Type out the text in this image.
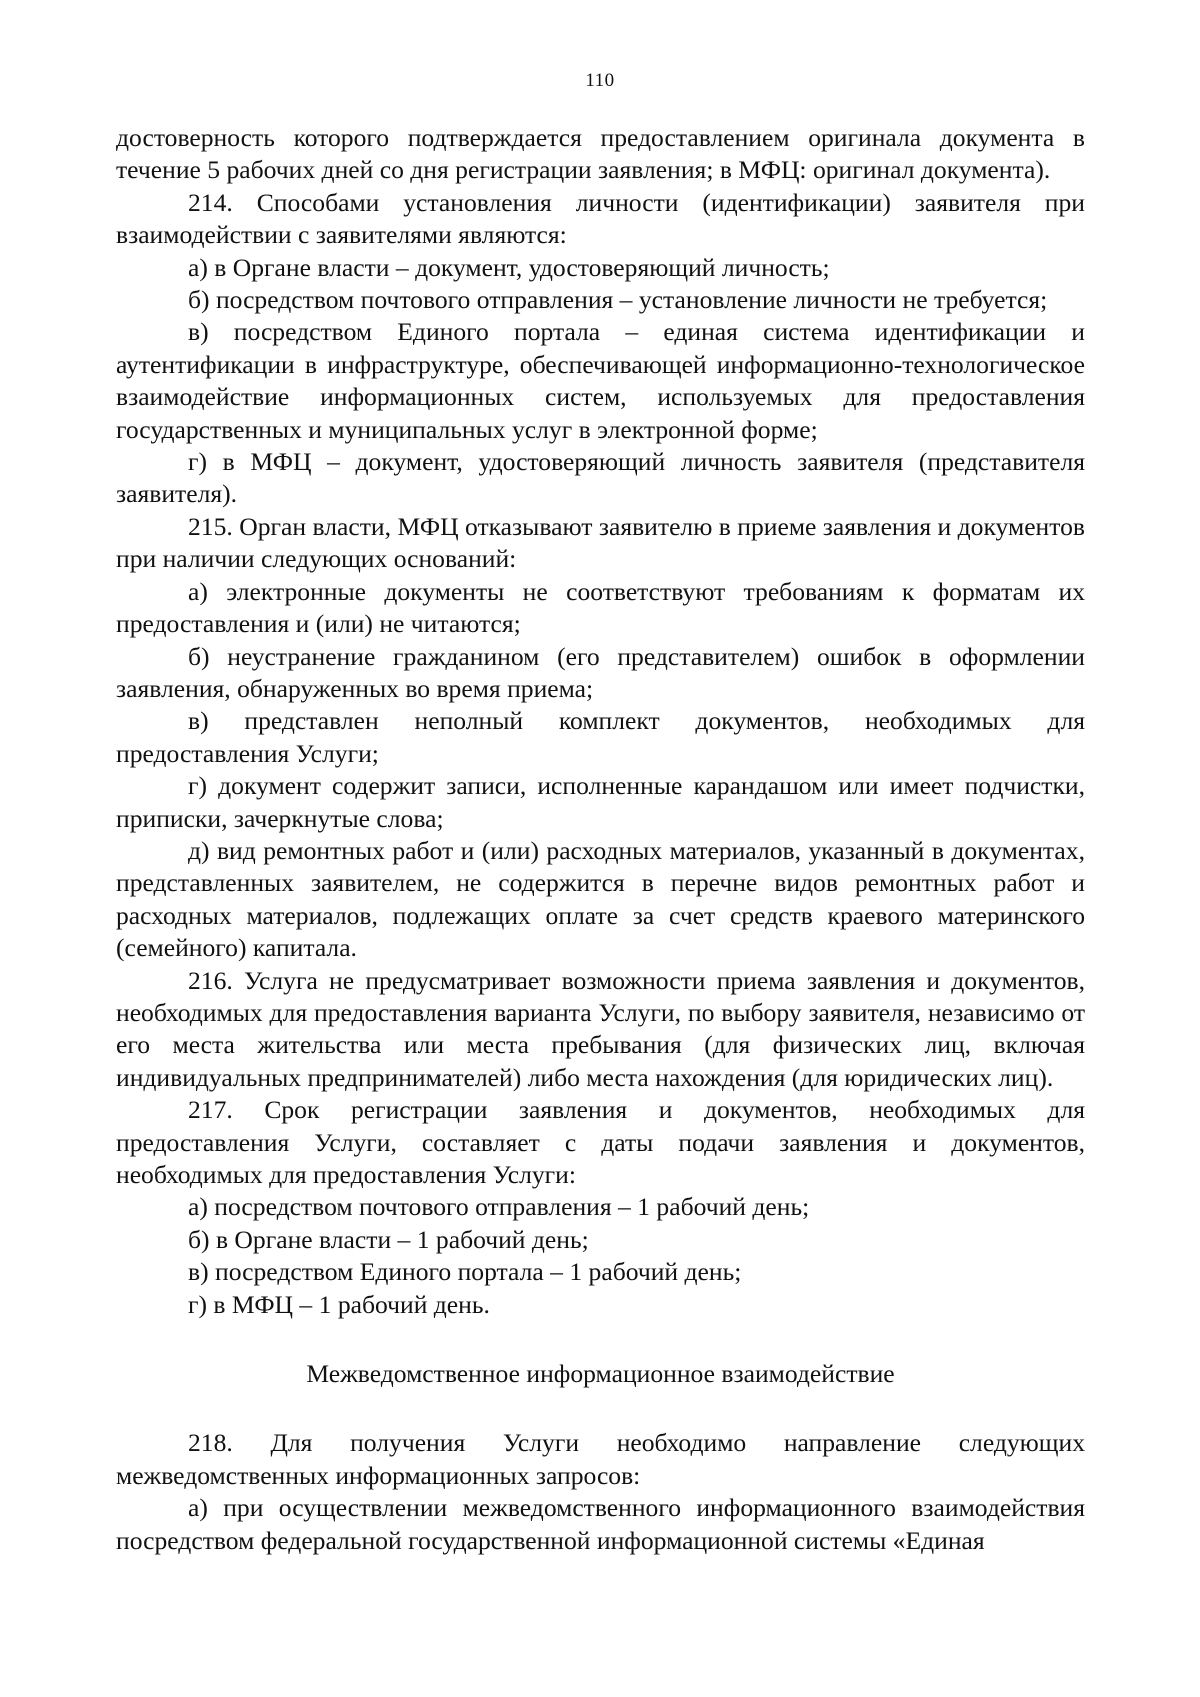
110

достоверность которого подтверждается предоставлением оригинала документа в течение 5 рабочих дней со дня регистрации заявления; в МФЦ: оригинал документа).

214. Способами установления личности (идентификации) заявителя при взаимодействии с заявителями являются:

а) в Органе власти – документ, удостоверяющий личность;

б) посредством почтового отправления – установление личности не требуется;

в) посредством Единого портала – единая система идентификации и аутентификации в инфраструктуре, обеспечивающей информационно-технологическое взаимодействие информационных систем, используемых для предоставления государственных и муниципальных услуг в электронной форме;

г) в МФЦ – документ, удостоверяющий личность заявителя (представителя заявителя).

215. Орган власти, МФЦ отказывают заявителю в приеме заявления и документов при наличии следующих оснований:

а) электронные документы не соответствуют требованиям к форматам их предоставления и (или) не читаются;

б) неустранение гражданином (его представителем) ошибок в оформлении заявления, обнаруженных во время приема;

в) представлен неполный комплект документов, необходимых для предоставления Услуги;

г) документ содержит записи, исполненные карандашом или имеет подчистки, приписки, зачеркнутые слова;

д) вид ремонтных работ и (или) расходных материалов, указанный в документах, представленных заявителем, не содержится в перечне видов ремонтных работ и расходных материалов, подлежащих оплате за счет средств краевого материнского (семейного) капитала.

216. Услуга не предусматривает возможности приема заявления и документов, необходимых для предоставления варианта Услуги, по выбору заявителя, независимо от его места жительства или места пребывания (для физических лиц, включая индивидуальных предпринимателей) либо места нахождения (для юридических лиц).

217. Срок регистрации заявления и документов, необходимых для предоставления Услуги, составляет с даты подачи заявления и документов, необходимых для предоставления Услуги:

а) посредством почтового отправления – 1 рабочий день;

б) в Органе власти – 1 рабочий день;

в) посредством Единого портала – 1 рабочий день;

г) в МФЦ – 1 рабочий день.

Межведомственное информационное взаимодействие

218. Для получения Услуги необходимо направление следующих межведомственных информационных запросов:

а) при осуществлении межведомственного информационного взаимодействия посредством федеральной государственной информационной системы «Единая
